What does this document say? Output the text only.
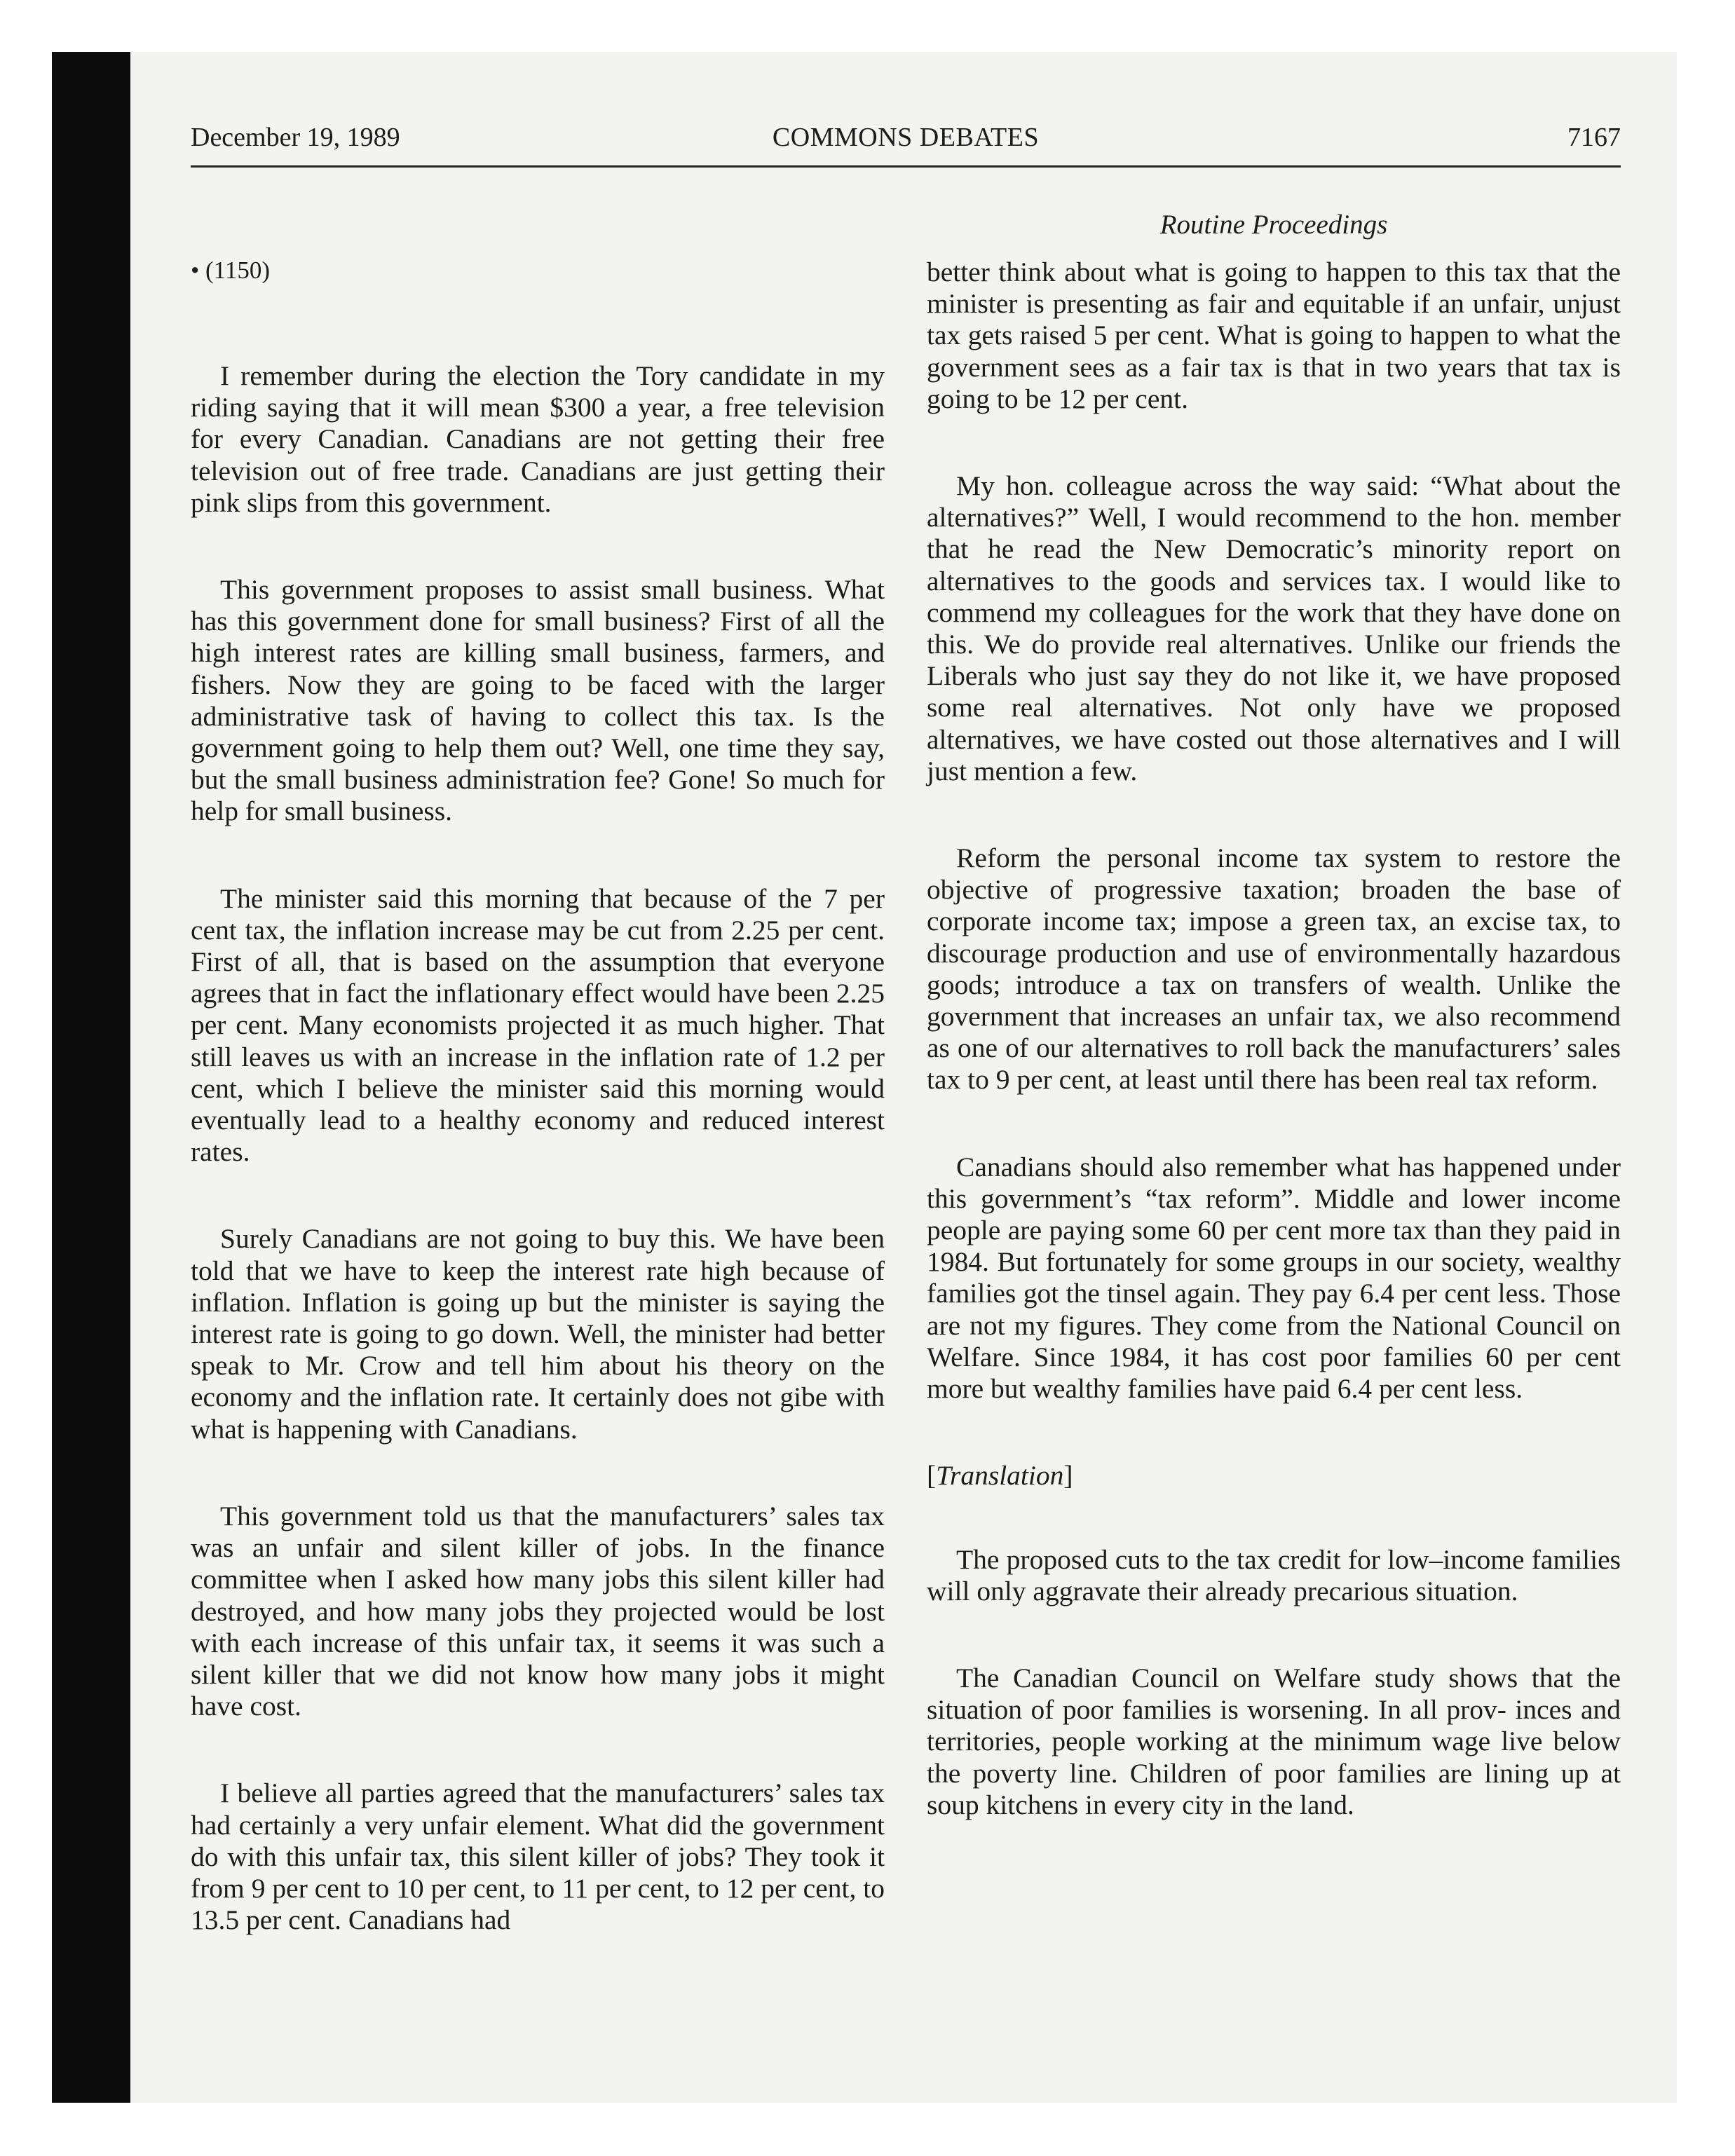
December 19, 1989	COMMONS DEBATES	7167
Routine Proceedings
• (1150)

I remember during the election the Tory candidate in my riding saying that it will mean $300 a year, a free television for every Canadian. Canadians are not getting their free television out of free trade. Canadians are just getting their pink slips from this government.

This government proposes to assist small business. What has this government done for small business? First of all the high interest rates are killing small business, farmers, and fishers. Now they are going to be faced with the larger administrative task of having to collect this tax. Is the government going to help them out? Well, one time they say, but the small business administration fee? Gone! So much for help for small business.

The minister said this morning that because of the 7 per cent tax, the inflation increase may be cut from 2.25 per cent. First of all, that is based on the assumption that everyone agrees that in fact the inflationary effect would have been 2.25 per cent. Many economists projected it as much higher. That still leaves us with an increase in the inflation rate of 1.2 per cent, which I believe the minister said this morning would eventually lead to a healthy economy and reduced interest rates.

Surely Canadians are not going to buy this. We have been told that we have to keep the interest rate high because of inflation. Inflation is going up but the minister is saying the interest rate is going to go down. Well, the minister had better speak to Mr. Crow and tell him about his theory on the economy and the inflation rate. It certainly does not gibe with what is happening with Canadians.

This government told us that the manufacturers’ sales tax was an unfair and silent killer of jobs. In the finance committee when I asked how many jobs this silent killer had destroyed, and how many jobs they projected would be lost with each increase of this unfair tax, it seems it was such a silent killer that we did not know how many jobs it might have cost.

I believe all parties agreed that the manufacturers’ sales tax had certainly a very unfair element. What did the government do with this unfair tax, this silent killer of jobs? They took it from 9 per cent to 10 per cent, to 11 per cent, to 12 per cent, to 13.5 per cent. Canadians had

better think about what is going to happen to this tax that the minister is presenting as fair and equitable if an unfair, unjust tax gets raised 5 per cent. What is going to happen to what the government sees as a fair tax is that in two years that tax is going to be 12 per cent.

My hon. colleague across the way said: “What about the alternatives?” Well, I would recommend to the hon. member that he read the New Democratic’s minority report on alternatives to the goods and services tax. I would like to commend my colleagues for the work that they have done on this. We do provide real alternatives. Unlike our friends the Liberals who just say they do not like it, we have proposed some real alternatives. Not only have we proposed alternatives, we have costed out those alternatives and I will just mention a few.

Reform the personal income tax system to restore the objective of progressive taxation; broaden the base of corporate income tax; impose a green tax, an excise tax, to discourage production and use of environmentally hazardous goods; introduce a tax on transfers of wealth. Unlike the government that increases an unfair tax, we also recommend as one of our alternatives to roll back the manufacturers’ sales tax to 9 per cent, at least until there has been real tax reform.

Canadians should also remember what has happened under this government’s “tax reform”. Middle and lower income people are paying some 60 per cent more tax than they paid in 1984. But fortunately for some groups in our society, wealthy families got the tinsel again. They pay 6.4 per cent less. Those are not my figures. They come from the National Council on Welfare. Since 1984, it has cost poor families 60 per cent more but wealthy families have paid 6.4 per cent less.

[Translation]

The proposed cuts to the tax credit for low–income families will only aggravate their already precarious situation.

The Canadian Council on Welfare study shows that the situation of poor families is worsening. In all prov- inces and territories, people working at the minimum wage live below the poverty line. Children of poor families are lining up at soup kitchens in every city in the land.
